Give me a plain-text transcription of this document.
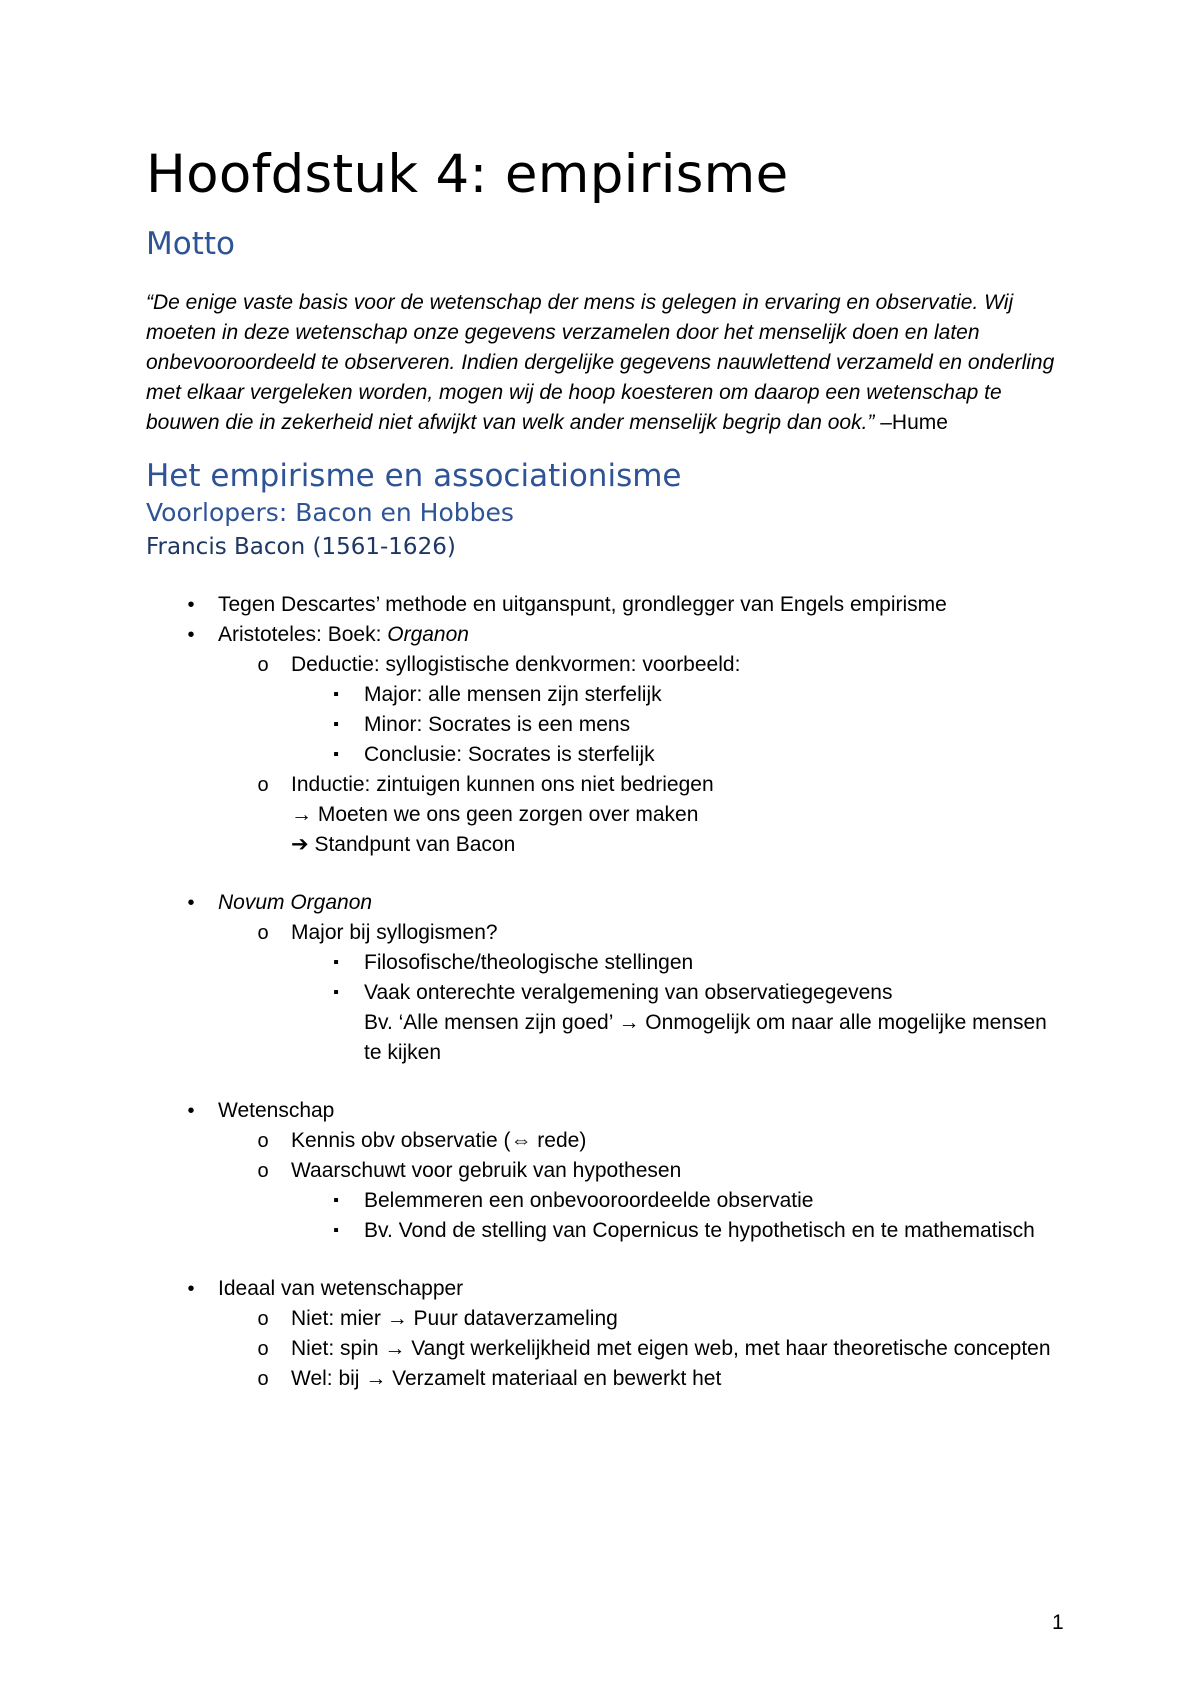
Hoofdstuk 4: empirisme
Motto

“De enige vaste basis voor de wetenschap der mens is gelegen in ervaring en observatie. Wij moeten in deze wetenschap onze gegevens verzamelen door het menselijk doen en laten onbevooroordeeld te observeren. Indien dergelijke gegevens nauwlettend verzameld en onderling met elkaar vergeleken worden, mogen wij de hoop koesteren om daarop een wetenschap te bouwen die in zekerheid niet afwijkt van welk ander menselijk begrip dan ook.” –Hume

Het empirisme en associationisme
Voorlopers: Bacon en Hobbes
Francis Bacon (1561-1626)
•	Tegen Descartes’ methode en uitganspunt, grondlegger van Engels empirisme
•	Aristoteles: Boek: Organon
o Deductie: syllogistische denkvormen: voorbeeld:
▪	Major: alle mensen zijn sterfelijk
▪	Minor: Socrates is een mens
▪	Conclusie: Socrates is sterfelijk
o Inductie: zintuigen kunnen ons niet bedriegen
→ Moeten we ons geen zorgen over maken
➔ Standpunt van Bacon
•	Novum Organon
o Major bij syllogismen?
▪	Filosofische/theologische stellingen
▪	Vaak onterechte veralgemening van observatiegegevens
Bv. ‘Alle mensen zijn goed’ → Onmogelijk om naar alle mogelijke mensen te kijken
•	Wetenschap
o Kennis obv observatie (⇔ rede)
o Waarschuwt voor gebruik van hypothesen
▪	Belemmeren een onbevooroordeelde observatie
▪	Bv. Vond de stelling van Copernicus te hypothetisch en te mathematisch
•	Ideaal van wetenschapper
o Niet: mier → Puur dataverzameling
o Niet: spin → Vangt werkelijkheid met eigen web, met haar theoretische concepten
o Wel: bij → Verzamelt materiaal en bewerkt het
1
